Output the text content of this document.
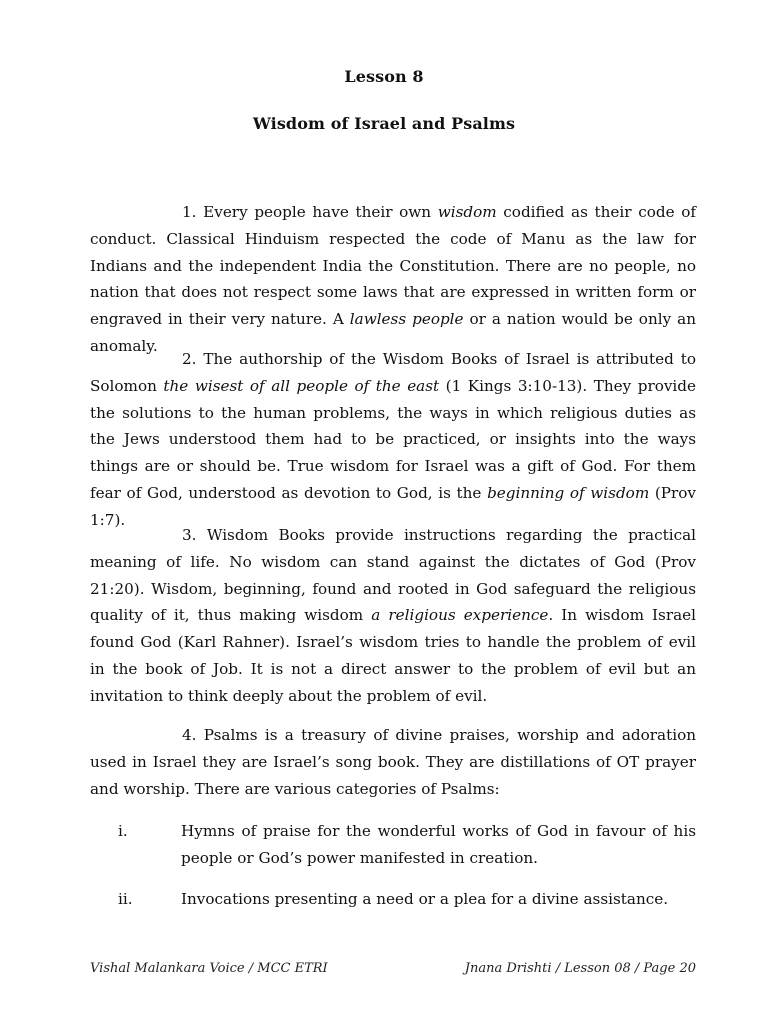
Lesson 8
Wisdom of Israel and Psalms
1. Every people have their own wisdom codified as their code of conduct. Classical Hinduism respected the code of Manu as the law for Indians and the independent India the Constitution. There are no people, no nation that does not respect some laws that are expressed in written form or engraved in their very nature. A lawless people or a nation would be only an anomaly.
2. The authorship of the Wisdom Books of Israel is attributed to Solomon the wisest of all people of the east (1 Kings 3:10-13). They provide the solutions to the human problems, the ways in which religious duties as the Jews understood them had to be practiced, or insights into the ways things are or should be. True wisdom for Israel was a gift of God. For them fear of God, understood as devotion to God, is the beginning of wisdom (Prov 1:7).
3. Wisdom Books provide instructions regarding the practical meaning of life. No wisdom can stand against the dictates of God (Prov 21:20). Wisdom, beginning, found and rooted in God safeguard the religious quality of it, thus making wisdom a religious experience. In wisdom Israel found God (Karl Rahner). Israel’s wisdom tries to handle the problem of evil in the book of Job. It is not a direct answer to the problem of evil but an invitation to think deeply about the problem of evil.
4. Psalms is a treasury of divine praises, worship and adoration used in Israel they are Israel’s song book. They are distillations of OT prayer and worship. There are various categories of Psalms:
i.	Hymns of praise for the wonderful works of God in favour of his people or God’s power manifested in creation.
ii.	Invocations presenting a need or a plea for a divine assistance.
Vishal Malankara Voice / MCC ETRI	Jnana Drishti / Lesson 08 / Page 20
